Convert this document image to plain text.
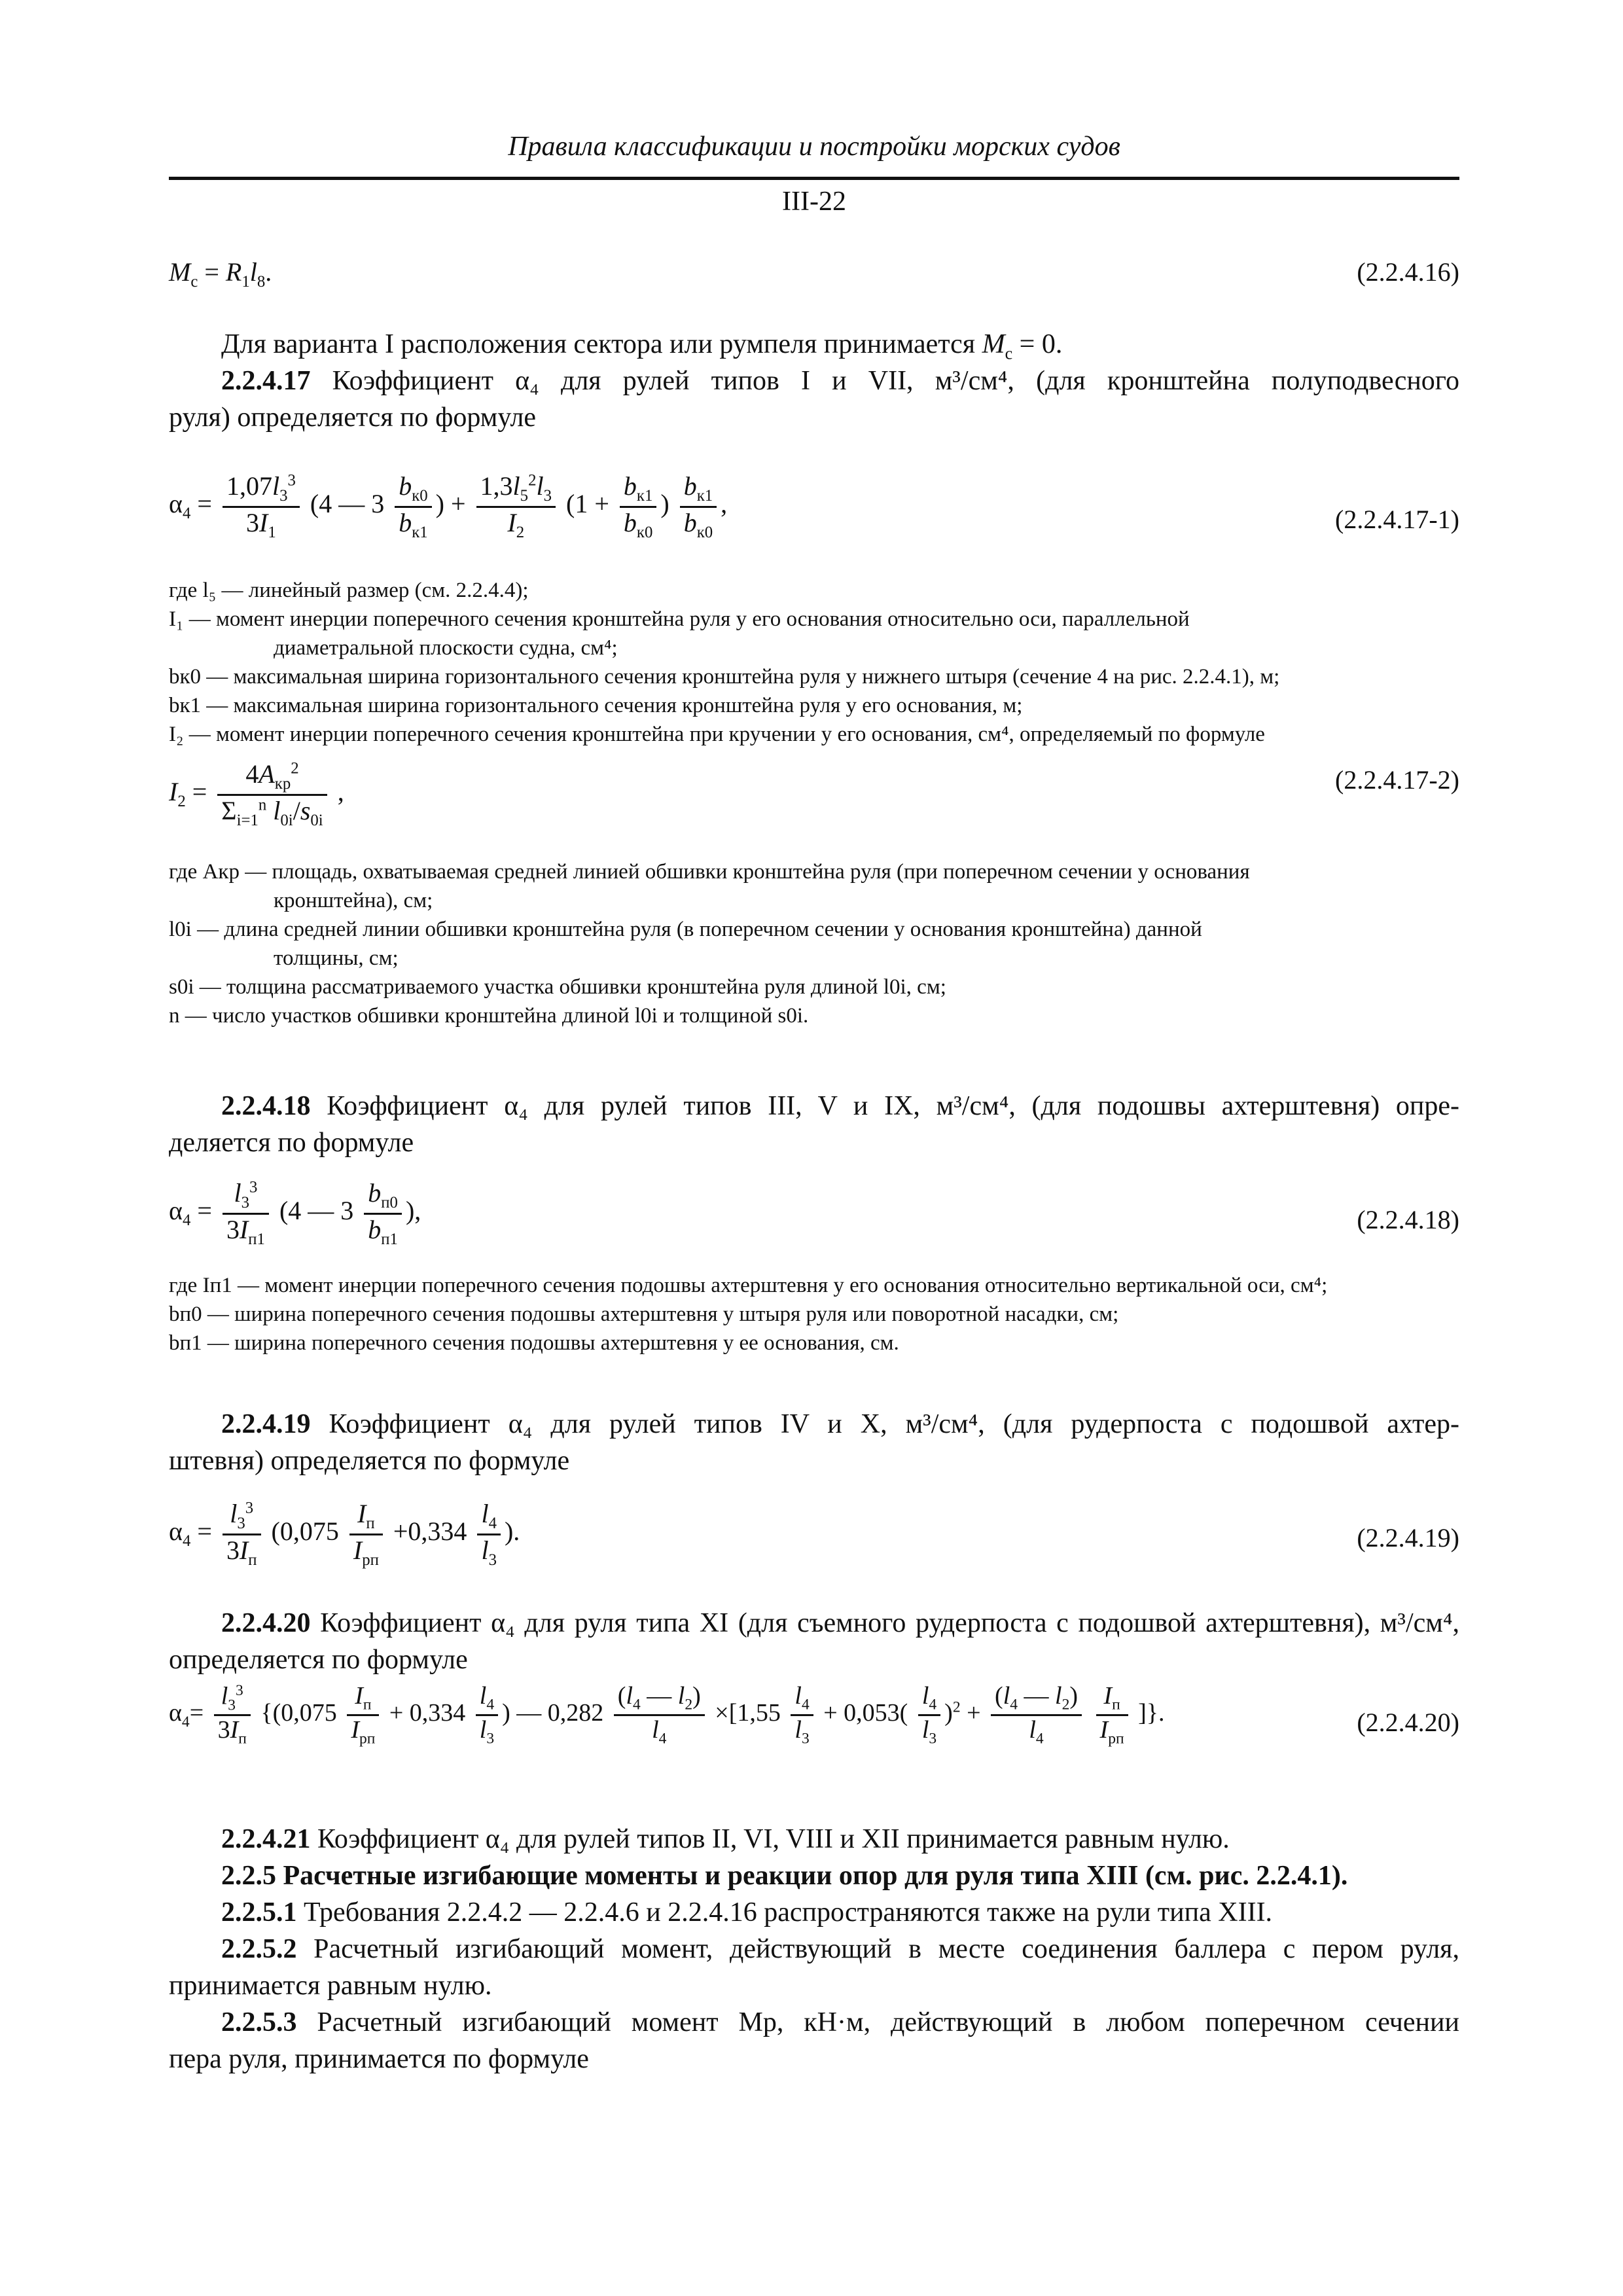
Правила классификации и постройки морских судов
III-22
$M_c = R_1l_8$.	(2.2.4.16)
Для варианта I расположения сектора или румпеля принимается $M_c = 0$.
2.2.4.17 Коэффициент α₄ для рулей типов I и VII, м³/см⁴, (для кронштейна полуподвесного
руля) определяется по формуле
$\alpha_4 = \frac{1,07l_3^3}{3I_1} (4$ — $3 \frac{b_{к0}}{b_{к1}}$ ) + $\frac{1,3l_5^2l_3}{I_2} (1 + \frac{b_{к1}}{b_{к0}}$ ) $\frac{b_{к1}}{b_{к0}}$ ,
(2.2.4.17-1)
где l₅ — линейный размер (см. 2.2.4.4);
I₁ — момент инерции поперечного сечения кронштейна руля у его основания относительно оси, параллельной
диаметральной плоскости судна, см⁴;
bк0 — максимальная ширина горизонтального сечения кронштейна руля у нижнего штыря (сечение 4 на рис. 2.2.4.1), м;
bк1 — максимальная ширина горизонтального сечения кронштейна руля у его основания, м;
I₂ — момент инерции поперечного сечения кронштейна при кручении у его основания, см⁴, определяемый по формуле
$I_2 = \frac{4A_{кр}^2}{\Sigma_{i=1}^n l_{0i}/s_{0i}}$ ,	(2.2.4.17-2)
где Aкр — площадь, охватываемая средней линией обшивки кронштейна руля (при поперечном сечении у основания
кронштейна), см;
l0i — длина средней линии обшивки кронштейна руля (в поперечном сечении у основания кронштейна) данной
толщины, см;
s0i — толщина рассматриваемого участка обшивки кронштейна руля длиной l0i, см;
n — число участков обшивки кронштейна длиной l0i и толщиной s0i.
2.2.4.18 Коэффициент α₄ для рулей типов III, V и IX, м³/см⁴, (для подошвы ахтерштевня) опре-
деляется по формуле
$\alpha_4 = \frac{l_3^3}{3I_{п1}} (4$ — $3 \frac{b_{п0}}{b_{п1}}$ ),	(2.2.4.18)
где Iп1 — момент инерции поперечного сечения подошвы ахтерштевня у его основания относительно вертикальной оси, см⁴;
bп0 — ширина поперечного сечения подошвы ахтерштевня у штыря руля или поворотной насадки, см;
bп1 — ширина поперечного сечения подошвы ахтерштевня у ее основания, см.
2.2.4.19 Коэффициент α₄ для рулей типов IV и X, м³/см⁴, (для рудерпоста с подошвой ахтер-
штевня) определяется по формуле
$\alpha_4 = \frac{l_3^3}{3I_п} (0,075 \frac{I_п}{I_{рп}} +0,334 \frac{l_4}{l_3}$ ).	(2.2.4.19)
2.2.4.20 Коэффициент α₄ для руля типа XI (для съемного рудерпоста с подошвой ахтерштевня), м³/см⁴,
определяется по формуле
$\alpha_4= \frac{l_3^3}{3I_п} \{(0,075 \frac{I_п}{I_{рп}} + 0,334 \frac{l_4}{l_3}$ ) — $0,282 \frac{(l_4 — l_2)}{l_4} \times[1,55 \frac{l_4}{l_3} + 0,053( \frac{l_4}{l_3} )^2 + \frac{(l_4 — l_2)}{l_4}$
$\frac{I_п}{I_{рп}}$ ]}.	(2.2.4.20)
2.2.4.21 Коэффициент α₄ для рулей типов II, VI, VIII и XII принимается равным нулю.
2.2.5 Расчетные изгибающие моменты и реакции опор для руля типа XIII (см. рис. 2.2.4.1).
2.2.5.1 Требования 2.2.4.2 — 2.2.4.6 и 2.2.4.16 распространяются также на рули типа XIII.
2.2.5.2 Расчетный изгибающий момент, действующий в месте соединения баллера с пером руля,
принимается равным нулю.
2.2.5.3 Расчетный изгибающий момент Mр, кН·м, действующий в любом поперечном сечении
пера руля, принимается по формуле
